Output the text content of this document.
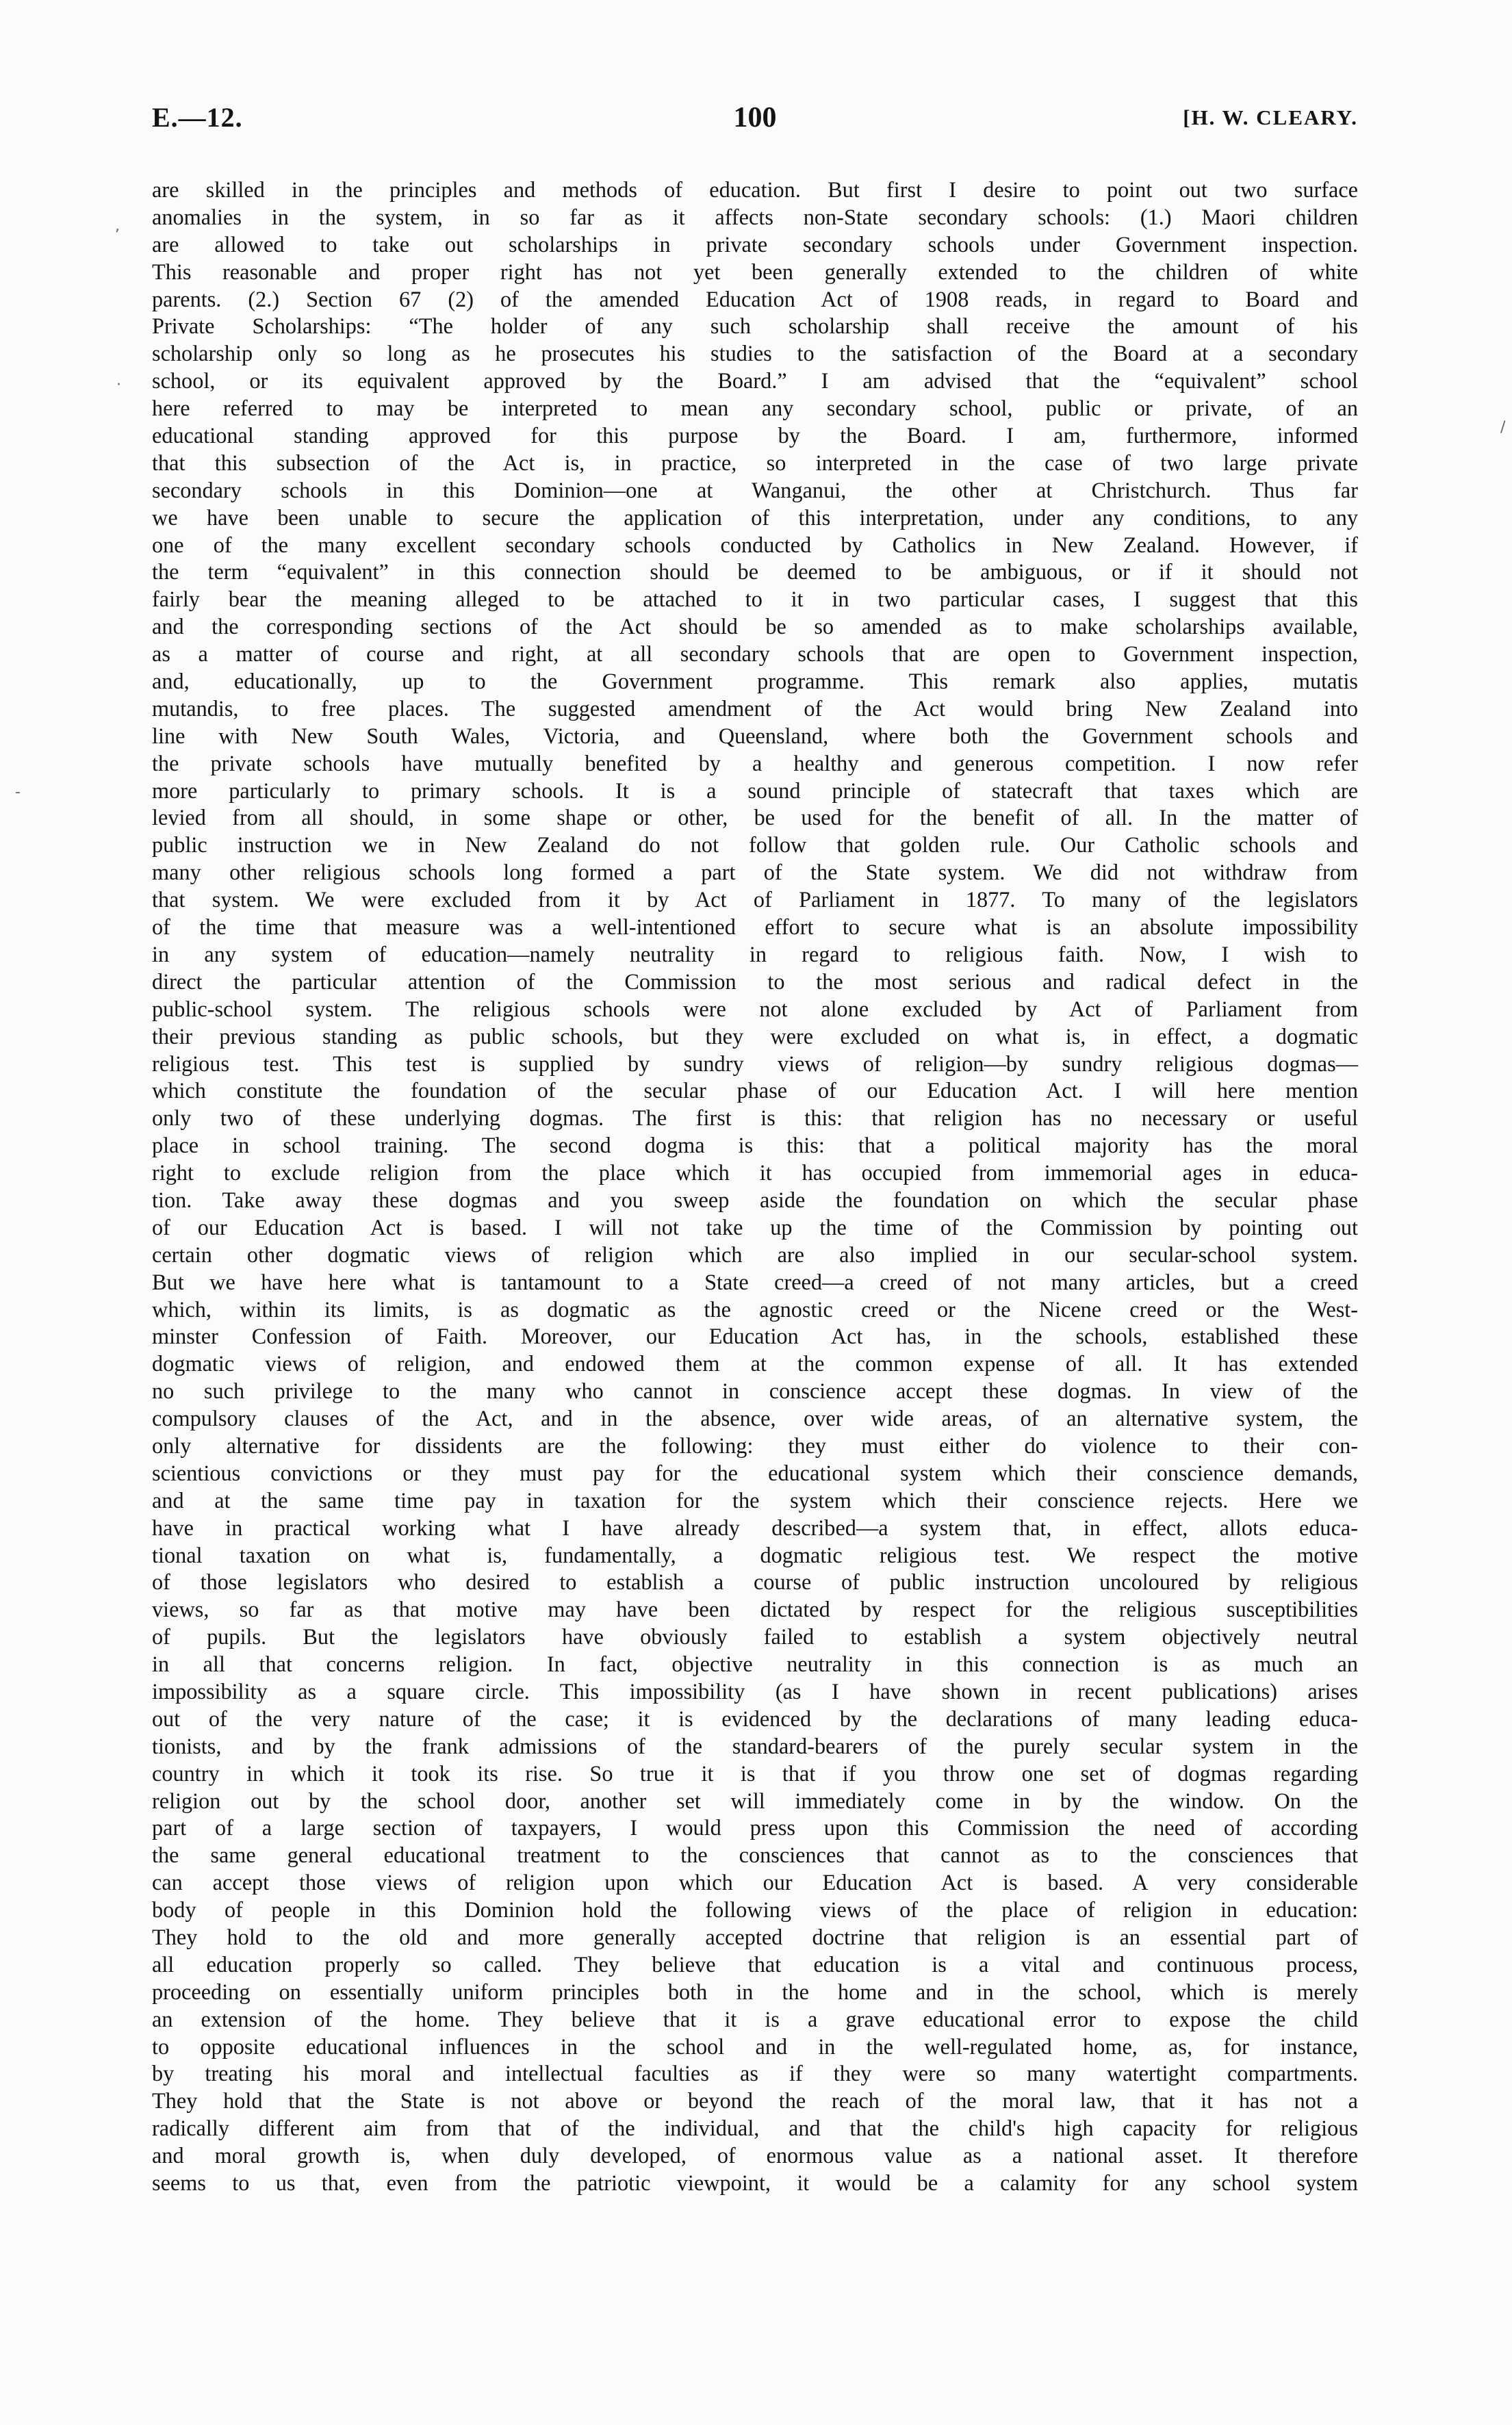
E.—12.	100	[H. W. CLEARY.
are skilled in the principles and methods of education. But first I desire to point out two surface
anomalies in the system, in so far as it affects non-State secondary schools: (1.) Maori children
are allowed to take out scholarships in private secondary schools under Government inspection.
This reasonable and proper right has not yet been generally extended to the children of white
parents. (2.) Section 67 (2) of the amended Education Act of 1908 reads, in regard to Board and
Private Scholarships: “The holder of any such scholarship shall receive the amount of his
scholarship only so long as he prosecutes his studies to the satisfaction of the Board at a secondary
school, or its equivalent approved by the Board.” I am advised that the “equivalent” school
here referred to may be interpreted to mean any secondary school, public or private, of an
educational standing approved for this purpose by the Board. I am, furthermore, informed
that this subsection of the Act is, in practice, so interpreted in the case of two large private
secondary schools in this Dominion—one at Wanganui, the other at Christchurch. Thus far
we have been unable to secure the application of this interpretation, under any conditions, to any
one of the many excellent secondary schools conducted by Catholics in New Zealand. However, if
the term “equivalent” in this connection should be deemed to be ambiguous, or if it should not
fairly bear the meaning alleged to be attached to it in two particular cases, I suggest that this
and the corresponding sections of the Act should be so amended as to make scholarships available,
as a matter of course and right, at all secondary schools that are open to Government inspection,
and, educationally, up to the Government programme. This remark also applies, mutatis
mutandis, to free places. The suggested amendment of the Act would bring New Zealand into
line with New South Wales, Victoria, and Queensland, where both the Government schools and
the private schools have mutually benefited by a healthy and generous competition. I now refer
more particularly to primary schools. It is a sound principle of statecraft that taxes which are
levied from all should, in some shape or other, be used for the benefit of all. In the matter of
public instruction we in New Zealand do not follow that golden rule. Our Catholic schools and
many other religious schools long formed a part of the State system. We did not withdraw from
that system. We were excluded from it by Act of Parliament in 1877. To many of the legislators
of the time that measure was a well-intentioned effort to secure what is an absolute impossibility
in any system of education—namely neutrality in regard to religious faith. Now, I wish to
direct the particular attention of the Commission to the most serious and radical defect in the
public-school system. The religious schools were not alone excluded by Act of Parliament from
their previous standing as public schools, but they were excluded on what is, in effect, a dogmatic
religious test. This test is supplied by sundry views of religion—by sundry religious dogmas—
which constitute the foundation of the secular phase of our Education Act. I will here mention
only two of these underlying dogmas. The first is this: that religion has no necessary or useful
place in school training. The second dogma is this: that a political majority has the moral
right to exclude religion from the place which it has occupied from immemorial ages in educa-
tion. Take away these dogmas and you sweep aside the foundation on which the secular phase
of our Education Act is based. I will not take up the time of the Commission by pointing out
certain other dogmatic views of religion which are also implied in our secular-school system.
But we have here what is tantamount to a State creed—a creed of not many articles, but a creed
which, within its limits, is as dogmatic as the agnostic creed or the Nicene creed or the West-
minster Confession of Faith. Moreover, our Education Act has, in the schools, established these
dogmatic views of religion, and endowed them at the common expense of all. It has extended
no such privilege to the many who cannot in conscience accept these dogmas. In view of the
compulsory clauses of the Act, and in the absence, over wide areas, of an alternative system, the
only alternative for dissidents are the following: they must either do violence to their con-
scientious convictions or they must pay for the educational system which their conscience demands,
and at the same time pay in taxation for the system which their conscience rejects. Here we
have in practical working what I have already described—a system that, in effect, allots educa-
tional taxation on what is, fundamentally, a dogmatic religious test. We respect the motive
of those legislators who desired to establish a course of public instruction uncoloured by religious
views, so far as that motive may have been dictated by respect for the religious susceptibilities
of pupils. But the legislators have obviously failed to establish a system objectively neutral
in all that concerns religion. In fact, objective neutrality in this connection is as much an
impossibility as a square circle. This impossibility (as I have shown in recent publications) arises
out of the very nature of the case; it is evidenced by the declarations of many leading educa-
tionists, and by the frank admissions of the standard-bearers of the purely secular system in the
country in which it took its rise. So true it is that if you throw one set of dogmas regarding
religion out by the school door, another set will immediately come in by the window. On the
part of a large section of taxpayers, I would press upon this Commission the need of according
the same general educational treatment to the consciences that cannot as to the consciences that
can accept those views of religion upon which our Education Act is based. A very considerable
body of people in this Dominion hold the following views of the place of religion in education:
They hold to the old and more generally accepted doctrine that religion is an essential part of
all education properly so called. They believe that education is a vital and continuous process,
proceeding on essentially uniform principles both in the home and in the school, which is merely
an extension of the home. They believe that it is a grave educational error to expose the child
to opposite educational influences in the school and in the well-regulated home, as, for instance,
by treating his moral and intellectual faculties as if they were so many watertight compartments.
They hold that the State is not above or beyond the reach of the moral law, that it has not a
radically different aim from that of the individual, and that the child's high capacity for religious
and moral growth is, when duly developed, of enormous value as a national asset. It therefore
seems to us that, even from the patriotic viewpoint, it would be a calamity for any school system
,
·
-
/
